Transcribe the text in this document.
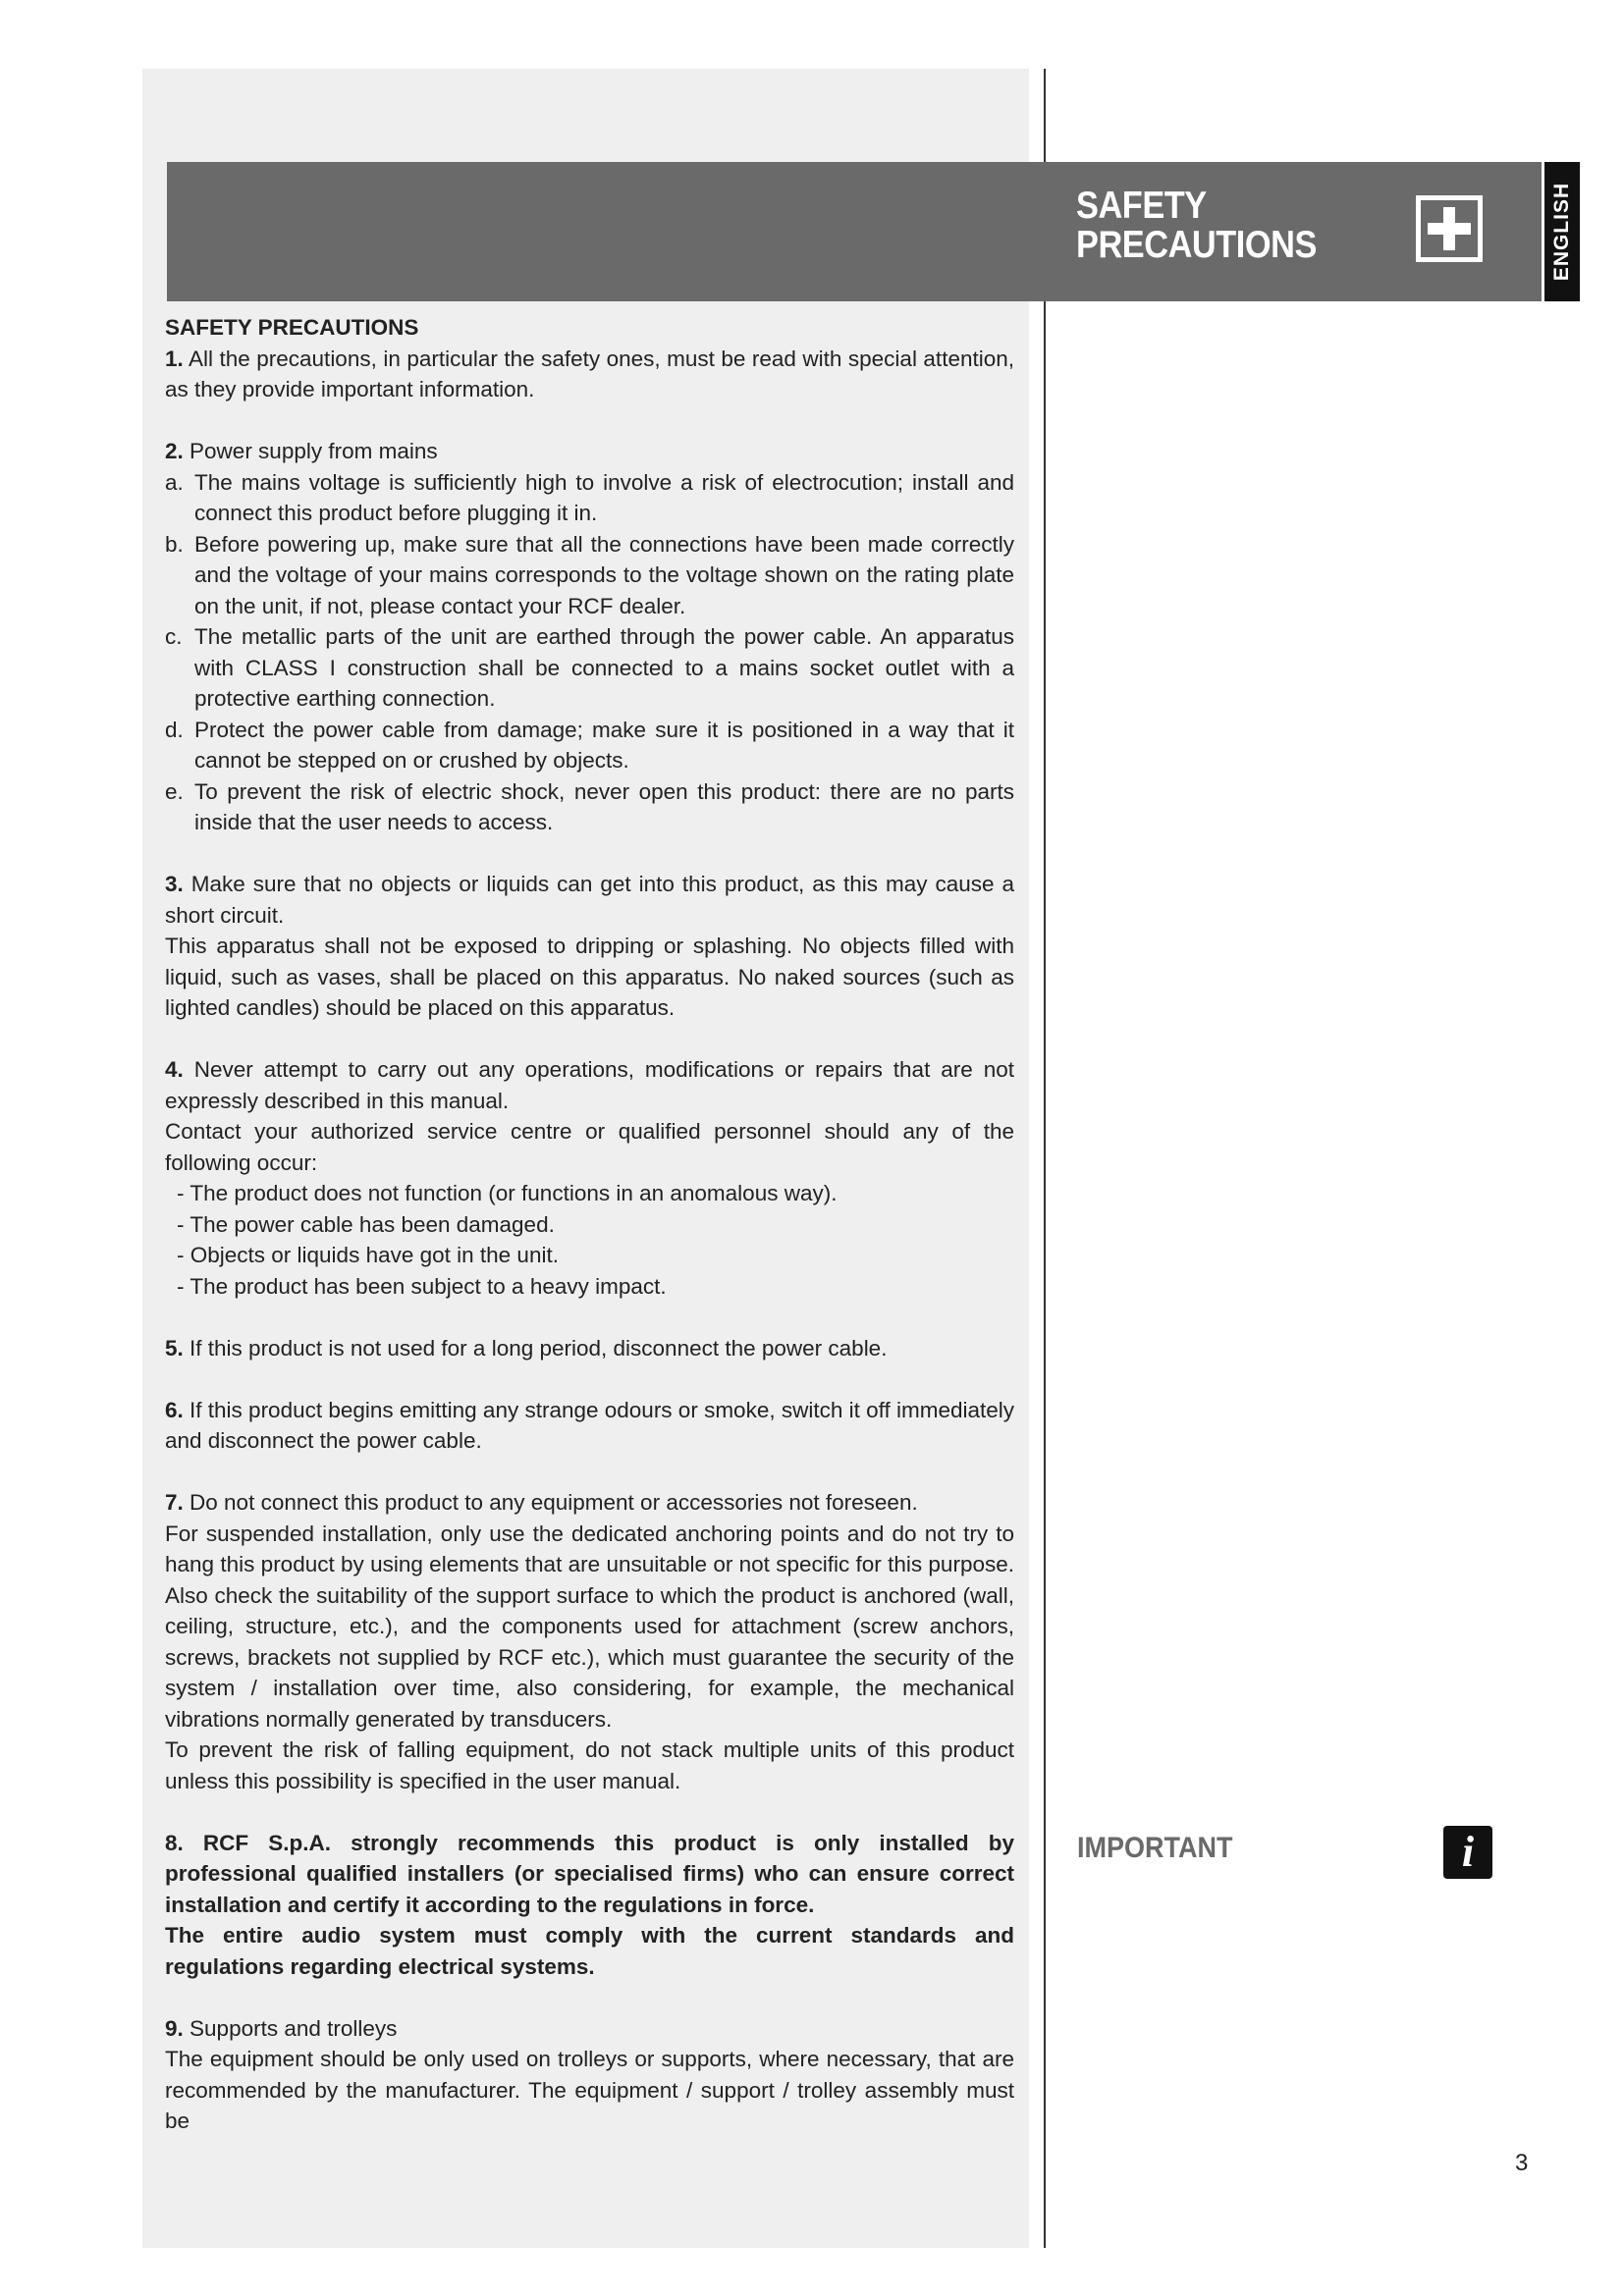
SAFETY
PRECAUTIONS	ENGLISH

SAFETY PRECAUTIONS

1. All the precautions, in particular the safety ones, must be read with special attention, as they provide important information.

2. Power supply from mains

a. The mains voltage is sufficiently high to involve a risk of electrocution; install and connect this product before plugging it in.
b. Before powering up, make sure that all the connections have been made correctly and the voltage of your mains corresponds to the voltage shown on the rating plate on the unit, if not, please contact your RCF dealer.
c. The metallic parts of the unit are earthed through the power cable. An apparatus with CLASS I construction shall be connected to a mains socket outlet with a protective earthing connection.
d. Protect the power cable from damage; make sure it is positioned in a way that it cannot be stepped on or crushed by objects.
e. To prevent the risk of electric shock, never open this product: there are no parts inside that the user needs to access.

3. Make sure that no objects or liquids can get into this product, as this may cause a short circuit.

This apparatus shall not be exposed to dripping or splashing. No objects filled with liquid, such as vases, shall be placed on this apparatus. No naked sources (such as lighted candles) should be placed on this apparatus.

4. Never attempt to carry out any operations, modifications or repairs that are not expressly described in this manual.

Contact your authorized service centre or qualified personnel should any of the following occur:

- The product does not function (or functions in an anomalous way).

- The power cable has been damaged.

- Objects or liquids have got in the unit.

- The product has been subject to a heavy impact.

5. If this product is not used for a long period, disconnect the power cable.

6. If this product begins emitting any strange odours or smoke, switch it off immediately and disconnect the power cable.

7. Do not connect this product to any equipment or accessories not foreseen.

For suspended installation, only use the dedicated anchoring points and do not try to hang this product by using elements that are unsuitable or not specific for this purpose. Also check the suitability of the support surface to which the product is anchored (wall, ceiling, structure, etc.), and the components used for attachment (screw anchors, screws, brackets not supplied by RCF etc.), which must guarantee the security of the system / installation over time, also considering, for example, the mechanical vibrations normally generated by transducers.

To prevent the risk of falling equipment, do not stack multiple units of this product unless this possibility is specified in the user manual.

8. RCF S.p.A. strongly recommends this product is only installed by professional qualified installers (or specialised firms) who can ensure correct installation and certify it according to the regulations in force.

The entire audio system must comply with the current standards and regulations regarding electrical systems.

9. Supports and trolleys

The equipment should be only used on trolleys or supports, where necessary, that are recommended by the manufacturer. The equipment / support / trolley assembly must be

IMPORTANT	i
3
